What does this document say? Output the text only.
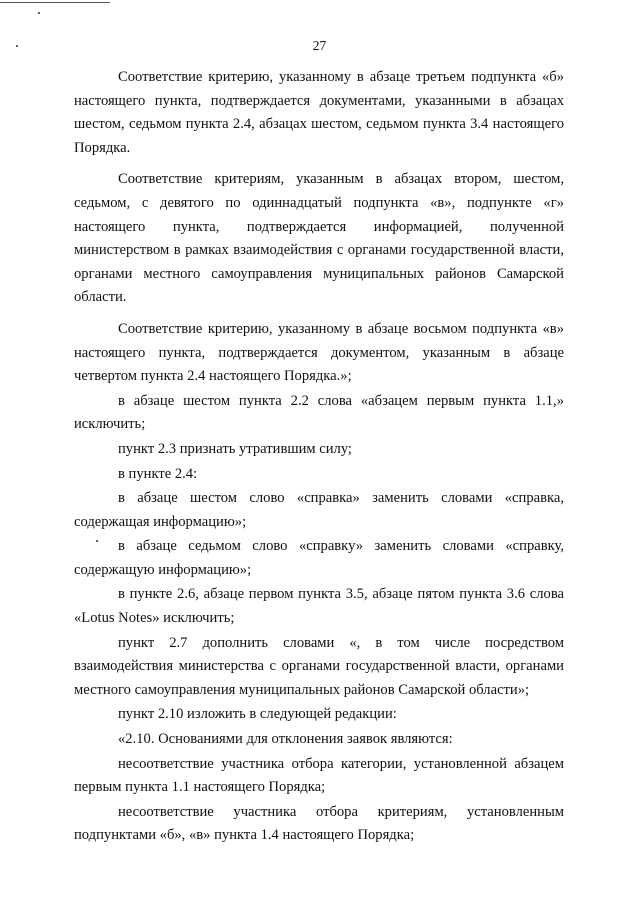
27

Соответствие критерию, указанному в абзаце третьем подпункта «б» настоящего пункта, подтверждается документами, указанными в абзацах шестом, седьмом пункта 2.4, абзацах шестом, седьмом пункта 3.4 настоящего Порядка.

Соответствие критериям, указанным в абзацах втором, шестом, седьмом, с девятого по одиннадцатый подпункта «в», подпункте «г» настоящего пункта, подтверждается информацией, полученной министерством в рамках взаимодействия с органами государственной власти, органами местного самоуправления муниципальных районов Самарской области.

Соответствие критерию, указанному в абзаце восьмом подпункта «в» настоящего пункта, подтверждается документом, указанным в абзаце четвертом пункта 2.4 настоящего Порядка.»;

в абзаце шестом пункта 2.2 слова «абзацем первым пункта 1.1,» исключить;

пункт 2.3 признать утратившим силу;

в пункте 2.4:

в абзаце шестом слово «справка» заменить словами «справка, содержащая информацию»;

в абзаце седьмом слово «справку» заменить словами «справку, содержащую информацию»;

в пункте 2.6, абзаце первом пункта 3.5, абзаце пятом пункта 3.6 слова «Lotus Notes» исключить;

пункт 2.7 дополнить словами «, в том числе посредством взаимодействия министерства с органами государственной власти, органами местного самоуправления муниципальных районов Самарской области»;

пункт 2.10 изложить в следующей редакции:

«2.10. Основаниями для отклонения заявок являются:

несоответствие участника отбора категории, установленной абзацем первым пункта 1.1 настоящего Порядка;

несоответствие участника отбора критериям, установленным подпунктами «б», «в» пункта 1.4 настоящего Порядка;
